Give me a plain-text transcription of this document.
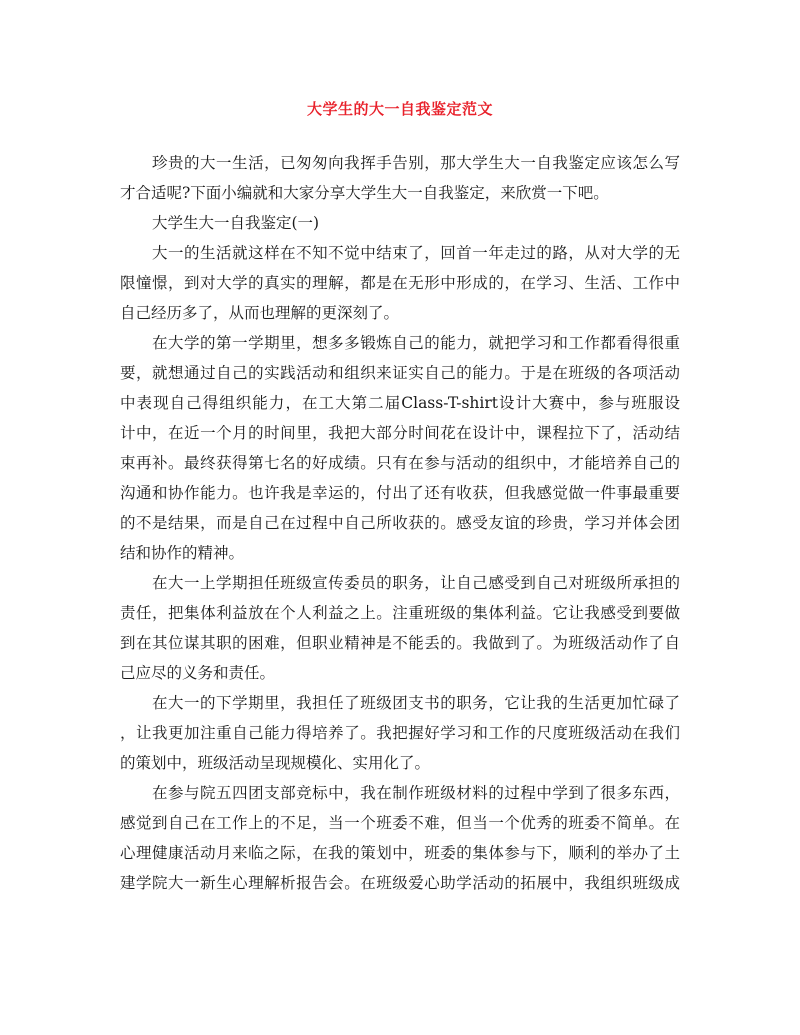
大学生的大一自我鉴定范文
珍贵的大一生活，已匆匆向我挥手告别，那大学生大一自我鉴定应该怎么写
才合适呢?下面小编就和大家分享大学生大一自我鉴定，来欣赏一下吧。
大学生大一自我鉴定(一)
大一的生活就这样在不知不觉中结束了，回首一年走过的路，从对大学的无
限憧憬，到对大学的真实的理解，都是在无形中形成的，在学习、生活、工作中
自己经历多了，从而也理解的更深刻了。
在大学的第一学期里，想多多锻炼自己的能力，就把学习和工作都看得很重
要，就想通过自己的实践活动和组织来证实自己的能力。于是在班级的各项活动
中表现自己得组织能力，在工大第二届Class-T-shirt设计大赛中，参与班服设
计中，在近一个月的时间里，我把大部分时间花在设计中，课程拉下了，活动结
束再补。最终获得第七名的好成绩。只有在参与活动的组织中，才能培养自己的
沟通和协作能力。也许我是幸运的，付出了还有收获，但我感觉做一件事最重要
的不是结果，而是自己在过程中自己所收获的。感受友谊的珍贵，学习并体会团
结和协作的精神。
在大一上学期担任班级宣传委员的职务，让自己感受到自己对班级所承担的
责任，把集体利益放在个人利益之上。注重班级的集体利益。它让我感受到要做
到在其位谋其职的困难，但职业精神是不能丢的。我做到了。为班级活动作了自
己应尽的义务和责任。
在大一的下学期里，我担任了班级团支书的职务，它让我的生活更加忙碌了
，让我更加注重自己能力得培养了。我把握好学习和工作的尺度班级活动在我们
的策划中，班级活动呈现规模化、实用化了。
在参与院五四团支部竞标中，我在制作班级材料的过程中学到了很多东西，
感觉到自己在工作上的不足，当一个班委不难，但当一个优秀的班委不简单。在
心理健康活动月来临之际，在我的策划中，班委的集体参与下，顺利的举办了土
建学院大一新生心理解析报告会。在班级爱心助学活动的拓展中，我组织班级成
